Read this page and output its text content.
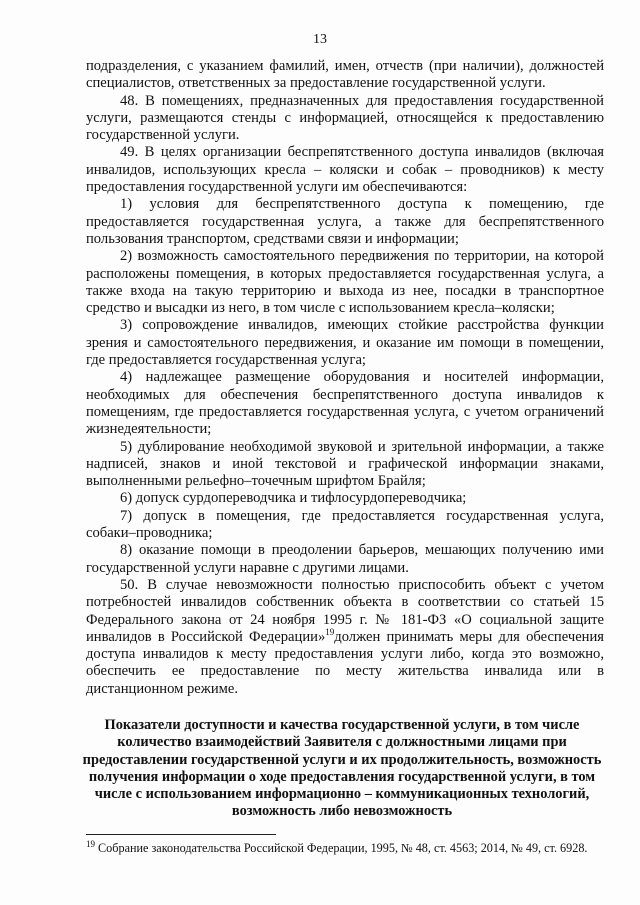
13

подразделения, с указанием фамилий, имен, отчеств (при наличии), должностей специалистов, ответственных за предоставление государственной услуги.

48. В помещениях, предназначенных для предоставления государственной услуги, размещаются стенды с информацией, относящейся к предоставлению государственной услуги.

49. В целях организации беспрепятственного доступа инвалидов (включая инвалидов, использующих кресла – коляски и собак – проводников) к месту предоставления государственной услуги им обеспечиваются:

1) условия для беспрепятственного доступа к помещению, где предоставляется государственная услуга, а также для беспрепятственного пользования транспортом, средствами связи и информации;

2) возможность самостоятельного передвижения по территории, на которой расположены помещения, в которых предоставляется государственная услуга, а также входа на такую территорию и выхода из нее, посадки в транспортное средство и высадки из него, в том числе с использованием кресла–коляски;

3) сопровождение инвалидов, имеющих стойкие расстройства функции зрения и самостоятельного передвижения, и оказание им помощи в помещении, где предоставляется государственная услуга;

4) надлежащее размещение оборудования и носителей информации, необходимых для обеспечения беспрепятственного доступа инвалидов к помещениям, где предоставляется государственная услуга, с учетом ограничений жизнедеятельности;

5) дублирование необходимой звуковой и зрительной информации, а также надписей, знаков и иной текстовой и графической информации знаками, выполненными рельефно–точечным шрифтом Брайля;

6) допуск сурдопереводчика и тифлосурдопереводчика;

7) допуск в помещения, где предоставляется государственная услуга, собаки–проводника;

8) оказание помощи в преодолении барьеров, мешающих получению ими государственной услуги наравне с другими лицами.

50. В случае невозможности полностью приспособить объект с учетом потребностей инвалидов собственник объекта в соответствии со статьей 15 Федерального закона от 24 ноября 1995 г. № 181-ФЗ «О социальной защите инвалидов в Российской Федерации»$^{19}$должен принимать меры для обеспечения доступа инвалидов к месту предоставления услуги либо, когда это возможно, обеспечить ее предоставление по месту жительства инвалида или в дистанционном режиме.

Показатели доступности и качества государственной услуги, в том числе количество взаимодействий Заявителя с должностными лицами при предоставлении государственной услуги и их продолжительность, возможность получения информации о ходе предоставления государственной услуги, в том числе с использованием информационно – коммуникационных технологий, возможность либо невозможность
$^{19}$ Собрание законодательства Российской Федерации, 1995, № 48, ст. 4563; 2014, № 49, ст. 6928.
